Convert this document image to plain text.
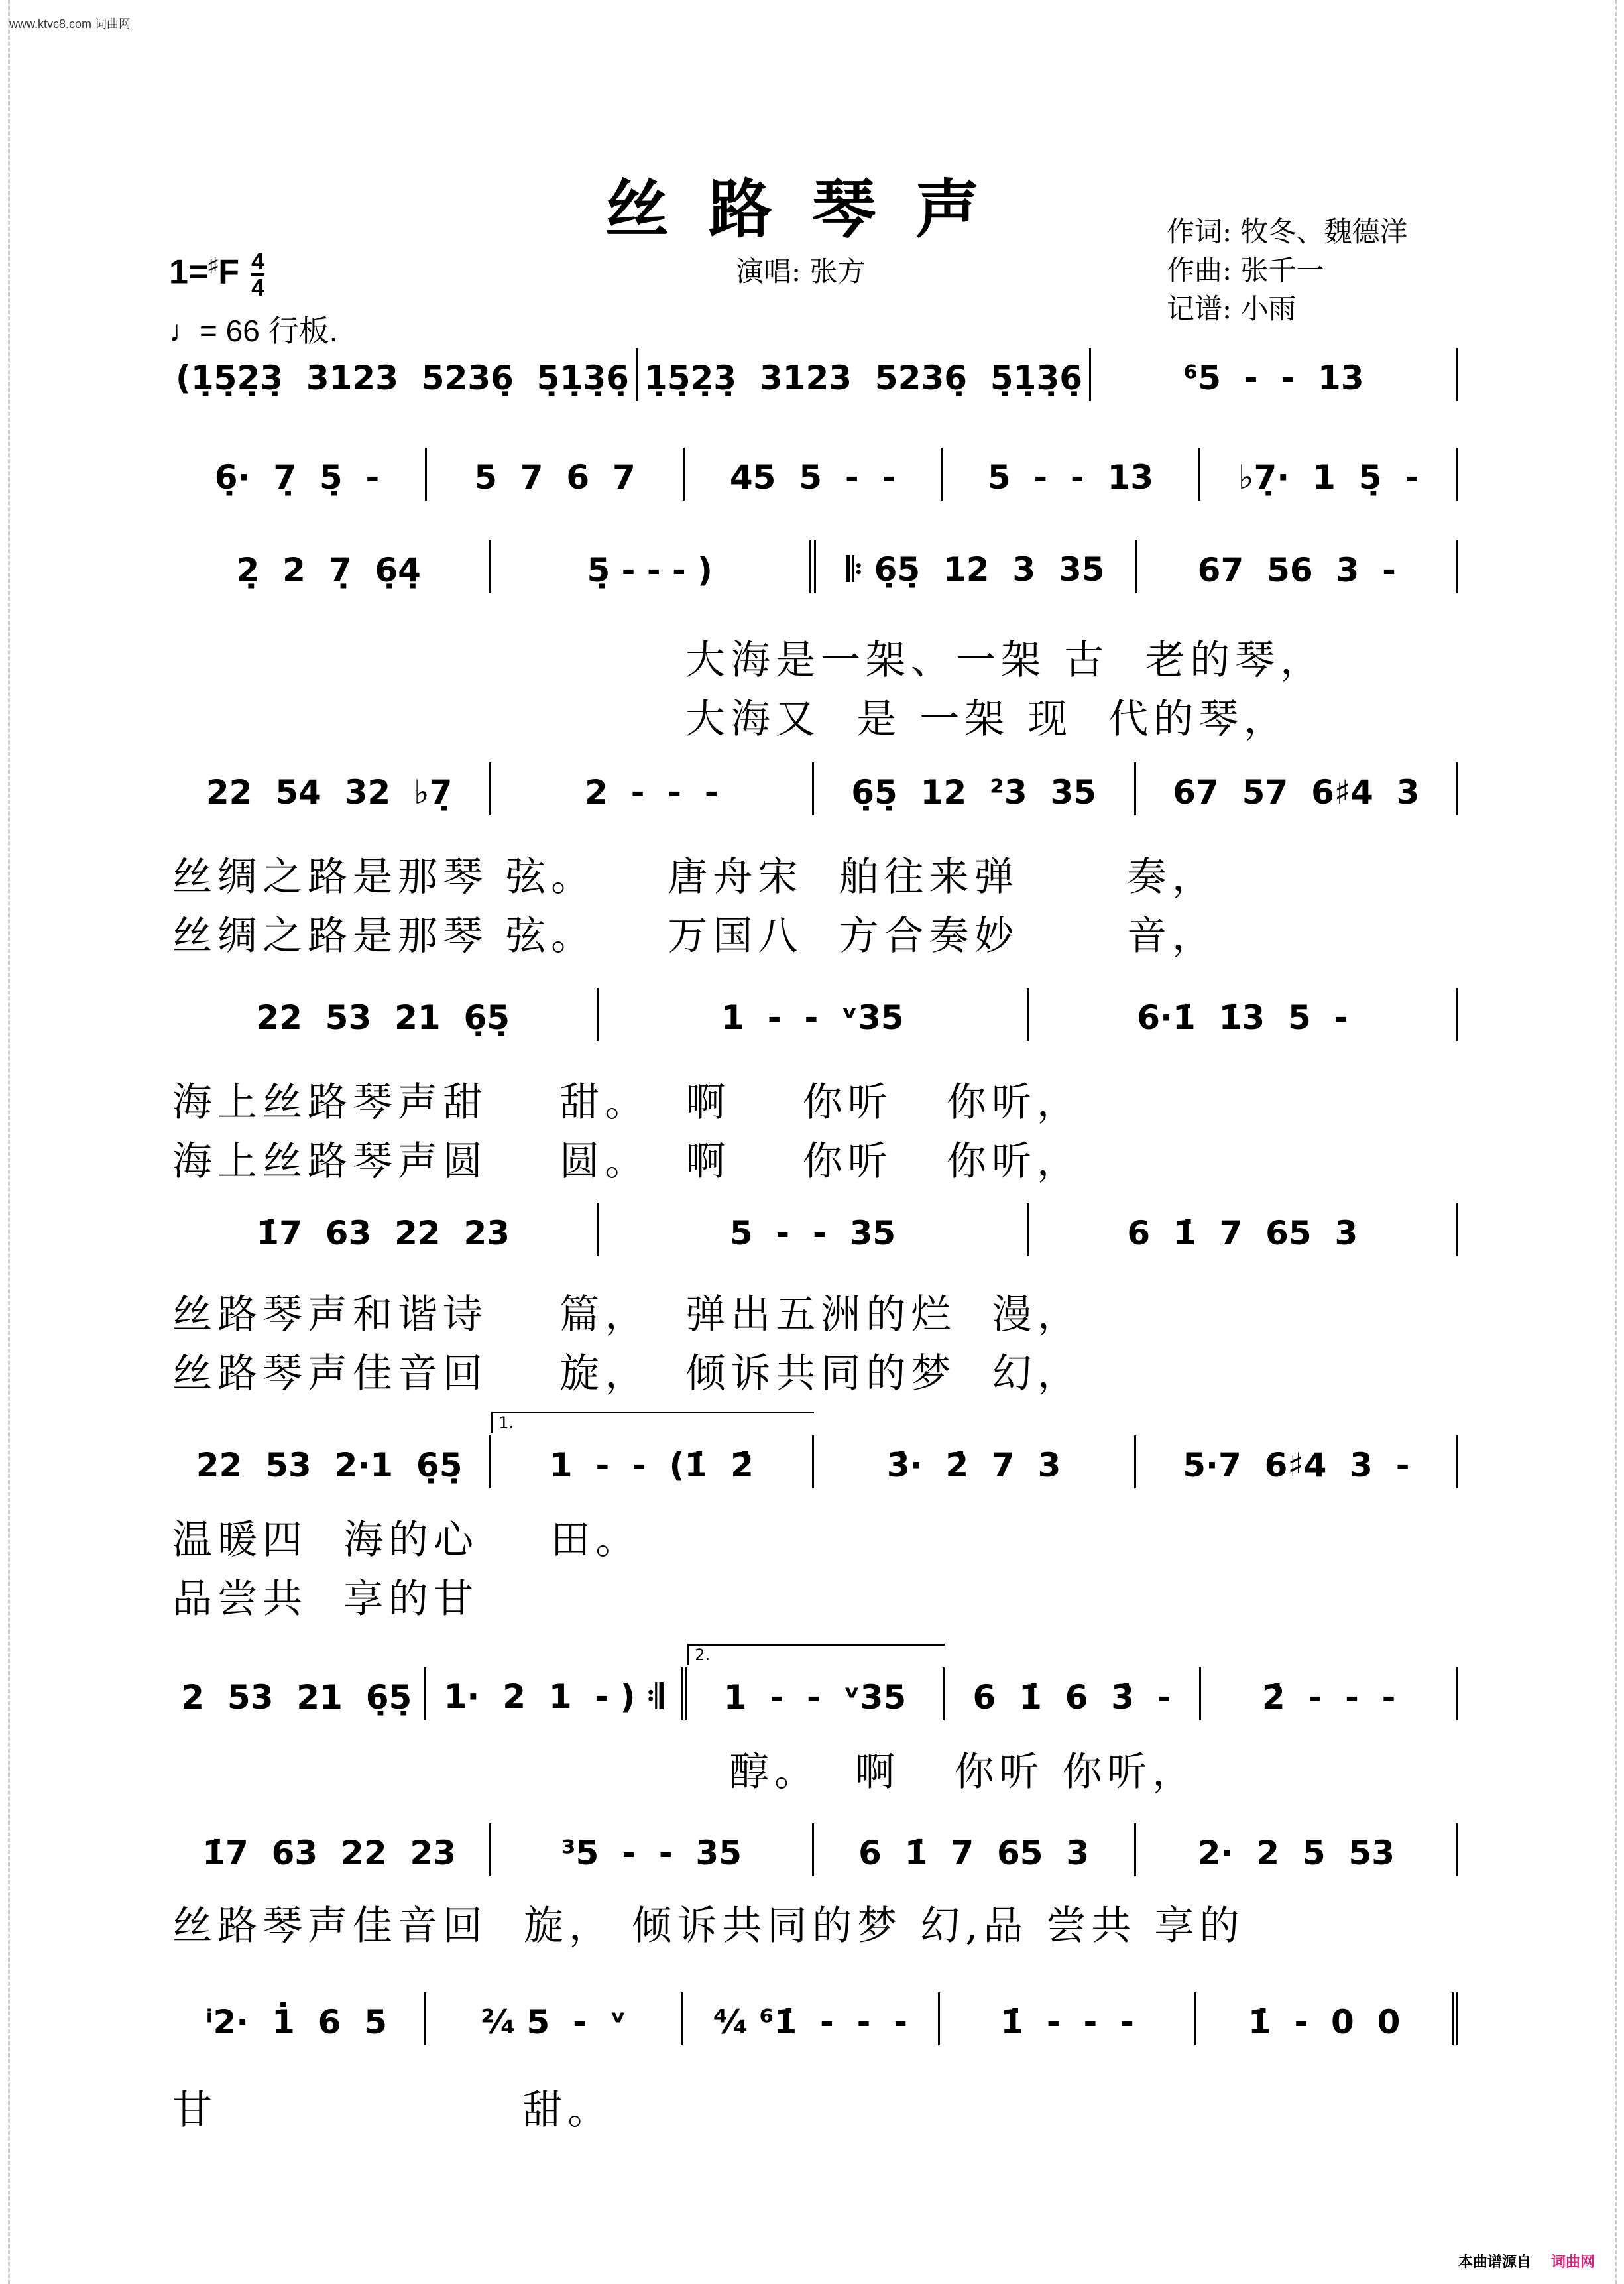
www.ktvc8.com 词曲网
丝路琴声
$1=^♯F \frac{4}{4}$
♩= 66 行板.
演唱: 张方
作词: 牧冬、魏德洋
作曲: 张千一
记谱: 小雨
(1̣5̣2̣3̣  3123  5236̣  5̣1̣3̣6̣ 1̣5̣2̣3̣  3123  5236̣  5̣1̣3̣6̣	⁶5  -  -  13
6̣·  7̣  5̣  -	5  7  6  7	45  5  -  -	5  -  -  13	♭7̣·  1  5̣  -
2̣  2  7̣  6̣4̣	5̣ - - - )	𝄆 6̣5̣  12  3  35	67  56  3  -
大海是一架、一架 古  老的琴，
大海又  是 一架 现  代的琴，
22  54  32  ♭7̣	2  -  -  -	6̣5̣  12  ²3  35 67  57  6♯4  3
丝绸之路是那琴 弦。    唐舟宋  舶往来弹      奏，
丝绸之路是那琴 弦。    万国八  方合奏妙      音，
22  53  21  6̣5̣	1  -  -  ᵛ35	6·1̇  1̇3  5  -
海上丝路琴声甜    甜。  啊    你听   你听，
海上丝路琴声圆    圆。  啊    你听   你听，
1̇7  63  22  23	5  -  -  35	6  1̇  7  65  3
丝路琴声和谐诗    篇，  弹出五洲的烂  漫，
丝路琴声佳音回    旋，  倾诉共同的梦  幻，
22  53  2·1  6̣5̣
1.
1  -  -  (1̇  2̇	3̇·  2̇  7  3	5·7  6♯4  3  -
温暖四  海的心    田。
品尝共  享的甘
2  53  21  6̣5̣ 1·  2  1  - ) 𝄇
2.
1  -  -  ᵛ35 6  1̇  6  3̇  -	2̇  -  -  -
醇。  啊   你听 你听，
1̇7  63  22  23	³5  -  -  35	6  1̇  7  65  3	2·  2  5  53
丝路琴声佳音回  旋， 倾诉共同的梦 幻,品 尝共 享的
ⁱ2·  1̇  6  5	²⁄₄ 5  -  ᵛ	⁴⁄₄ ⁶1̇  -  -  -	1̇  -  -  -	1̇  -  0  0
甘                 甜。
本曲谱源自 词曲网
